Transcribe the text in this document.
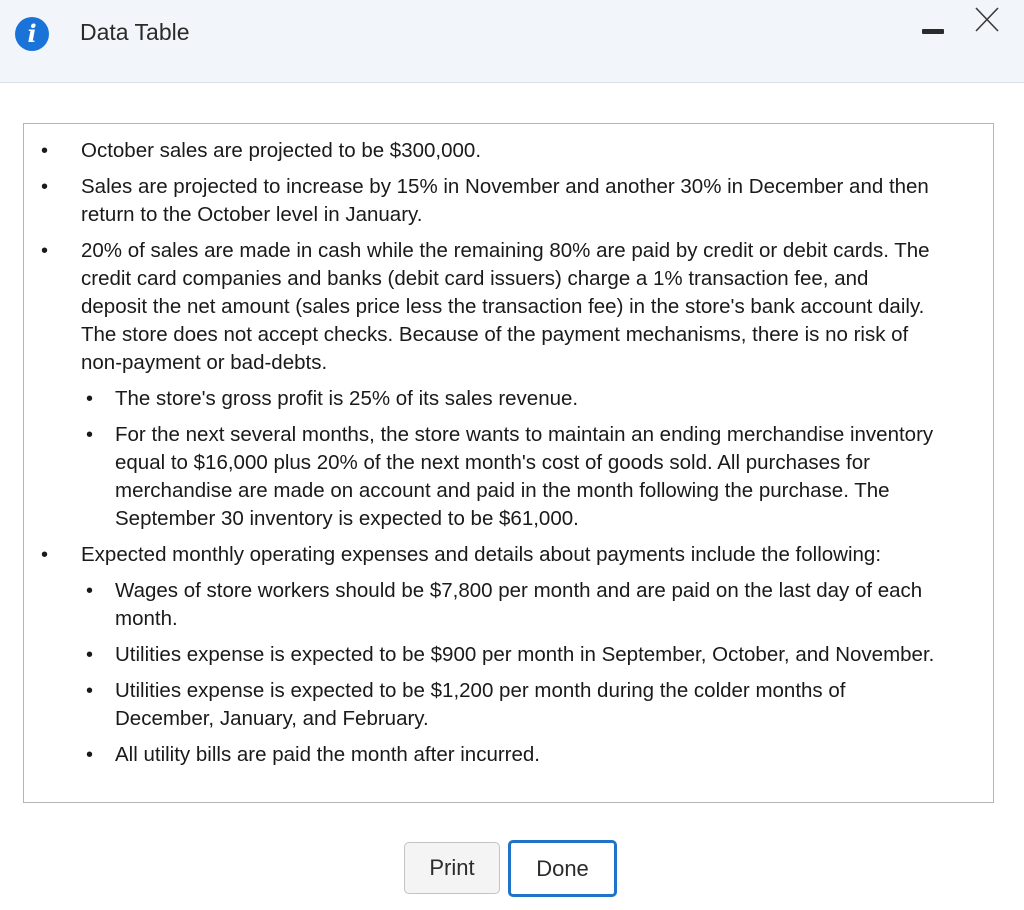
i	Data Table
• October sales are projected to be $300,000.
• Sales are projected to increase by 15% in November and another 30% in December and then return to the October level in January.
• 20% of sales are made in cash while the remaining 80% are paid by credit or debit cards. The credit card companies and banks (debit card issuers) charge a 1% transaction fee, and deposit the net amount (sales price less the transaction fee) in the store's bank account daily. The store does not accept checks. Because of the payment mechanisms, there is no risk of non-payment or bad-debts.
• The store's gross profit is 25% of its sales revenue.
• For the next several months, the store wants to maintain an ending merchandise inventory equal to $16,000 plus 20% of the next month's cost of goods sold. All purchases for merchandise are made on account and paid in the month following the purchase. The September 30 inventory is expected to be $61,000.
• Expected monthly operating expenses and details about payments include the following:
• Wages of store workers should be $7,800 per month and are paid on the last day of each month.
• Utilities expense is expected to be $900 per month in September, October, and November.
• Utilities expense is expected to be $1,200 per month during the colder months of December, January, and February.
• All utility bills are paid the month after incurred.
Print	Done
